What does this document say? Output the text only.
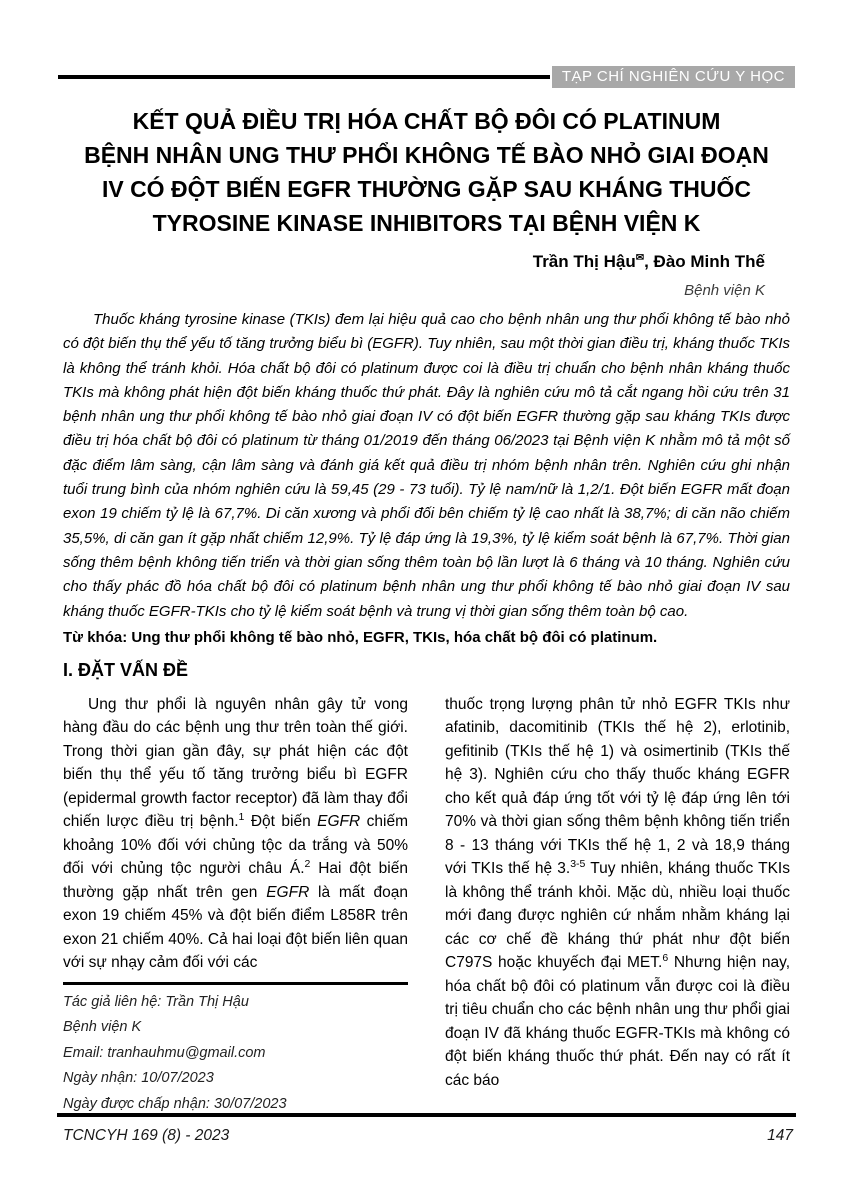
TẠP CHÍ NGHIÊN CỨU Y HỌC
KẾT QUẢ ĐIỀU TRỊ HÓA CHẤT BỘ ĐÔI CÓ PLATINUM
BỆNH NHÂN UNG THƯ PHỔI KHÔNG TẾ BÀO NHỎ GIAI ĐOẠN
IV CÓ ĐỘT BIẾN EGFR THƯỜNG GẶP SAU KHÁNG THUỐC
TYROSINE KINASE INHIBITORS TẠI BỆNH VIỆN K
Trần Thị Hậu✉, Đào Minh Thế
Bệnh viện K

Thuốc kháng tyrosine kinase (TKIs) đem lại hiệu quả cao cho bệnh nhân ung thư phổi không tế bào nhỏ có đột biến thụ thể yếu tố tăng trưởng biểu bì (EGFR). Tuy nhiên, sau một thời gian điều trị, kháng thuốc TKIs là không thể tránh khỏi. Hóa chất bộ đôi có platinum được coi là điều trị chuẩn cho bệnh nhân kháng thuốc TKIs mà không phát hiện đột biến kháng thuốc thứ phát. Đây là nghiên cứu mô tả cắt ngang hồi cứu trên 31 bệnh nhân ung thư phổi không tế bào nhỏ giai đoạn IV có đột biến EGFR thường gặp sau kháng TKIs được điều trị hóa chất bộ đôi có platinum từ tháng 01/2019 đến tháng 06/2023 tại Bệnh viện K nhằm mô tả một số đặc điểm lâm sàng, cận lâm sàng và đánh giá kết quả điều trị nhóm bệnh nhân trên. Nghiên cứu ghi nhận tuổi trung bình của nhóm nghiên cứu là 59,45 (29 - 73 tuổi). Tỷ lệ nam/nữ là 1,2/1. Đột biến EGFR mất đoạn exon 19 chiếm tỷ lệ là 67,7%. Di căn xương và phổi đối bên chiếm tỷ lệ cao nhất là 38,7%; di căn não chiếm 35,5%, di căn gan ít gặp nhất chiếm 12,9%. Tỷ lệ đáp ứng là 19,3%, tỷ lệ kiểm soát bệnh là 67,7%. Thời gian sống thêm bệnh không tiến triển và thời gian sống thêm toàn bộ lần lượt là 6 tháng và 10 tháng. Nghiên cứu cho thấy phác đồ hóa chất bộ đôi có platinum bệnh nhân ung thư phổi không tế bào nhỏ giai đoạn IV sau kháng thuốc EGFR-TKIs cho tỷ lệ kiểm soát bệnh và trung vị thời gian sống thêm toàn bộ cao.

Từ khóa: Ung thư phổi không tế bào nhỏ, EGFR, TKIs, hóa chất bộ đôi có platinum.
I. ĐẶT VẤN ĐỀ

Ung thư phổi là nguyên nhân gây tử vong hàng đầu do các bệnh ung thư trên toàn thế giới. Trong thời gian gần đây, sự phát hiện các đột biến thụ thể yếu tố tăng trưởng biểu bì EGFR (epidermal growth factor receptor) đã làm thay đổi chiến lược điều trị bệnh.$^1$ Đột biến EGFR chiếm khoảng 10% đối với chủng tộc da trắng và 50% đối với chủng tộc người châu Á.$^2$ Hai đột biến thường gặp nhất trên gen EGFR là mất đoạn exon 19 chiếm 45% và đột biến điểm L858R trên exon 21 chiếm 40%. Cả hai loại đột biến liên quan với sự nhạy cảm đối với các

Tác giả liên hệ: Trần Thị Hậu
Bệnh viện K
Email: tranhauhmu@gmail.com
Ngày nhận: 10/07/2023
Ngày được chấp nhận: 30/07/2023

thuốc trọng lượng phân tử nhỏ EGFR TKIs như afatinib, dacomitinib (TKIs thế hệ 2), erlotinib, gefitinib (TKIs thế hệ 1) và osimertinib (TKIs thế hệ 3). Nghiên cứu cho thấy thuốc kháng EGFR cho kết quả đáp ứng tốt với tỷ lệ đáp ứng lên tới 70% và thời gian sống thêm bệnh không tiến triển 8 - 13 tháng với TKIs thế hệ 1, 2 và 18,9 tháng với TKIs thế hệ 3.$^{3-5}$ Tuy nhiên, kháng thuốc TKIs là không thể tránh khỏi. Mặc dù, nhiều loại thuốc mới đang được nghiên cứ nhắm nhằm kháng lại các cơ chế đề kháng thứ phát như đột biến C797S hoặc khuyếch đại MET.$^6$ Nhưng hiện nay, hóa chất bộ đôi có platinum vẫn được coi là điều trị tiêu chuẩn cho các bệnh nhân ung thư phổi giai đoạn IV đã kháng thuốc EGFR-TKIs mà không có đột biến kháng thuốc thứ phát. Đến nay có rất ít các báo

TCNCYH 169 (8) - 2023	147
